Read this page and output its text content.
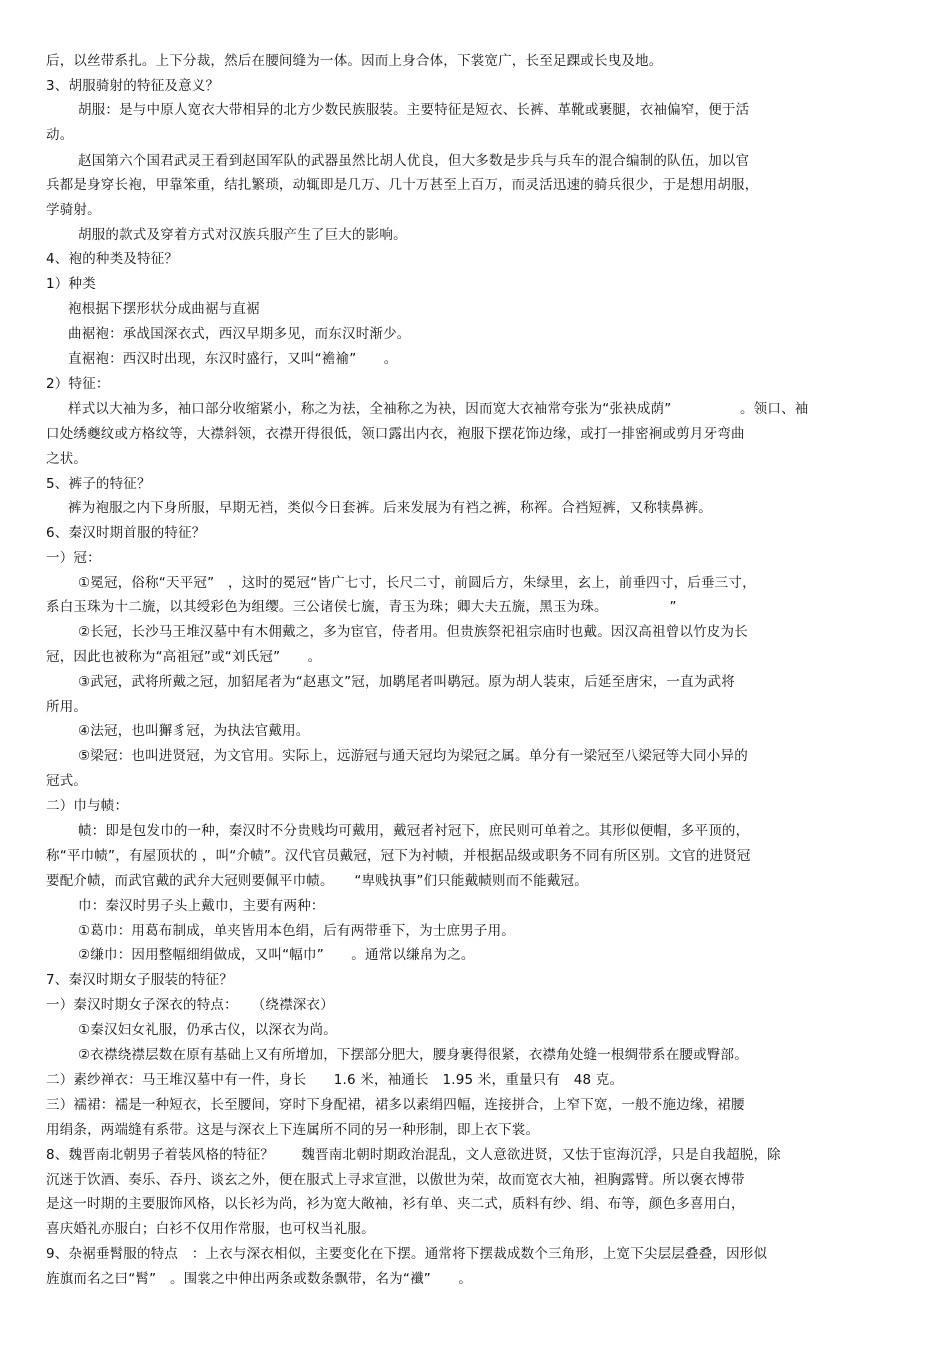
后，以丝带系扎。上下分裁，然后在腰间缝为一体。因而上身合体，下裳宽广，长至足踝或长曳及地。
3、胡服骑射的特征及意义？
胡服：是与中原人宽衣大带相异的北方少数民族服装。主要特征是短衣、长裤、革靴或裹腿，衣袖偏窄，便于活
动。
赵国第六个国君武灵王看到赵国军队的武器虽然比胡人优良，但大多数是步兵与兵车的混合编制的队伍，加以官
兵都是身穿长袍，甲靠笨重，结扎繁琐，动辄即是几万、几十万甚至上百万，而灵活迅速的骑兵很少，于是想用胡服，
学骑射。
胡服的款式及穿着方式对汉族兵服产生了巨大的影响。
4、袍的种类及特征？
1）种类
袍根据下摆形状分成曲裾与直裾
曲裾袍：承战国深衣式，西汉早期多见，而东汉时渐少。
直裾袍：西汉时出现，东汉时盛行，又叫“襜褕”　　。
2）特征：
样式以大袖为多，袖口部分收缩紧小，称之为祛，全袖称之为袂，因而宽大衣袖常夸张为“张袂成荫”　　　　　。领口、袖
口处绣夔纹或方格纹等，大襟斜领，衣襟开得很低，领口露出内衣，袍服下摆花饰边缘，或打一排密裥或剪月牙弯曲
之状。
5、裤子的特征？
裤为袍服之内下身所服，早期无裆，类似今日套裤。后来发展为有裆之裤，称裈。合裆短裤，又称犊鼻裤。
6、秦汉时期首服的特征？
一）冠：
①冕冠，俗称“天平冠”　，这时的冕冠“皆广七寸，长尺二寸，前圆后方，朱绿里，玄上，前垂四寸，后垂三寸，
系白玉珠为十二旒，以其绶彩色为组缨。三公诸侯七旒，青玉为珠；卿大夫五旒，黑玉为珠。　　　　　”
②长冠，长沙马王堆汉墓中有木佣戴之，多为宦官，侍者用。但贵族祭祀祖宗庙时也戴。因汉高祖曾以竹皮为长
冠，因此也被称为“高祖冠”或“刘氏冠”　　。
③武冠，武将所戴之冠，加貂尾者为“赵惠文”冠，加鹖尾者叫鹖冠。原为胡人装束，后延至唐宋，一直为武将
所用。
④法冠，也叫獬豸冠，为执法官戴用。
⑤梁冠：也叫进贤冠，为文官用。实际上，远游冠与通天冠均为梁冠之属。单分有一梁冠至八梁冠等大同小异的
冠式。
二）巾与帻：
帻：即是包发巾的一种，秦汉时不分贵贱均可戴用，戴冠者衬冠下，庶民则可单着之。其形似便帽，多平顶的，
称“平巾帻”，有屋顶状的 ，叫“介帻”。汉代官员戴冠，冠下为衬帻，并根据品级或职务不同有所区别。文官的进贤冠
要配介帻，而武官戴的武弁大冠则要佩平巾帻。　　“卑贱执事”们只能戴帻则而不能戴冠。
巾：秦汉时男子头上戴巾，主要有两种：
①葛巾：用葛布制成，单夹皆用本色绢，后有两带垂下，为士庶男子用。
②缣巾：因用整幅细绢做成，又叫“幅巾”　　。通常以缣帛为之。
7、秦汉时期女子服装的特征？
一）秦汉时期女子深衣的特点：　　（绕襟深衣）
①秦汉妇女礼服，仍承古仪，以深衣为尚。
②衣襟绕襟层数在原有基础上又有所增加，下摆部分肥大，腰身裹得很紧，衣襟角处缝一根绸带系在腰或臀部。
二）素纱禅衣：马王堆汉墓中有一件，身长　　1.6 米，袖通长　1.95 米，重量只有　48 克。
三）襦裙：襦是一种短衣，长至腰间，穿时下身配裙，裙多以素绢四幅，连接拼合，上窄下宽，一般不施边缘，裙腰
用绢条，两端缝有系带。这是与深衣上下连属所不同的另一种形制，即上衣下裳。
8、魏晋南北朝男子着装风格的特征？　　魏晋南北朝时期政治混乱，文人意欲进贤，又怯于宦海沉浮，只是自我超脱，除
沉迷于饮酒、奏乐、吞丹、谈玄之外，便在服式上寻求宣泄，以傲世为荣，故而宽衣大袖，袒胸露臂。所以褒衣博带
是这一时期的主要服饰风格，以长衫为尚，衫为宽大敞袖，衫有单、夹二式，质料有纱、绢、布等，颜色多喜用白，
喜庆婚礼亦服白；白衫不仅用作常服，也可权当礼服。
9、杂裾垂髾服的特点　：上衣与深衣相似，主要变化在下摆。通常将下摆裁成数个三角形，上宽下尖层层叠叠，因形似
旌旗而名之曰“髾”　。围裳之中伸出两条或数条飘带，名为“襳”　　。
